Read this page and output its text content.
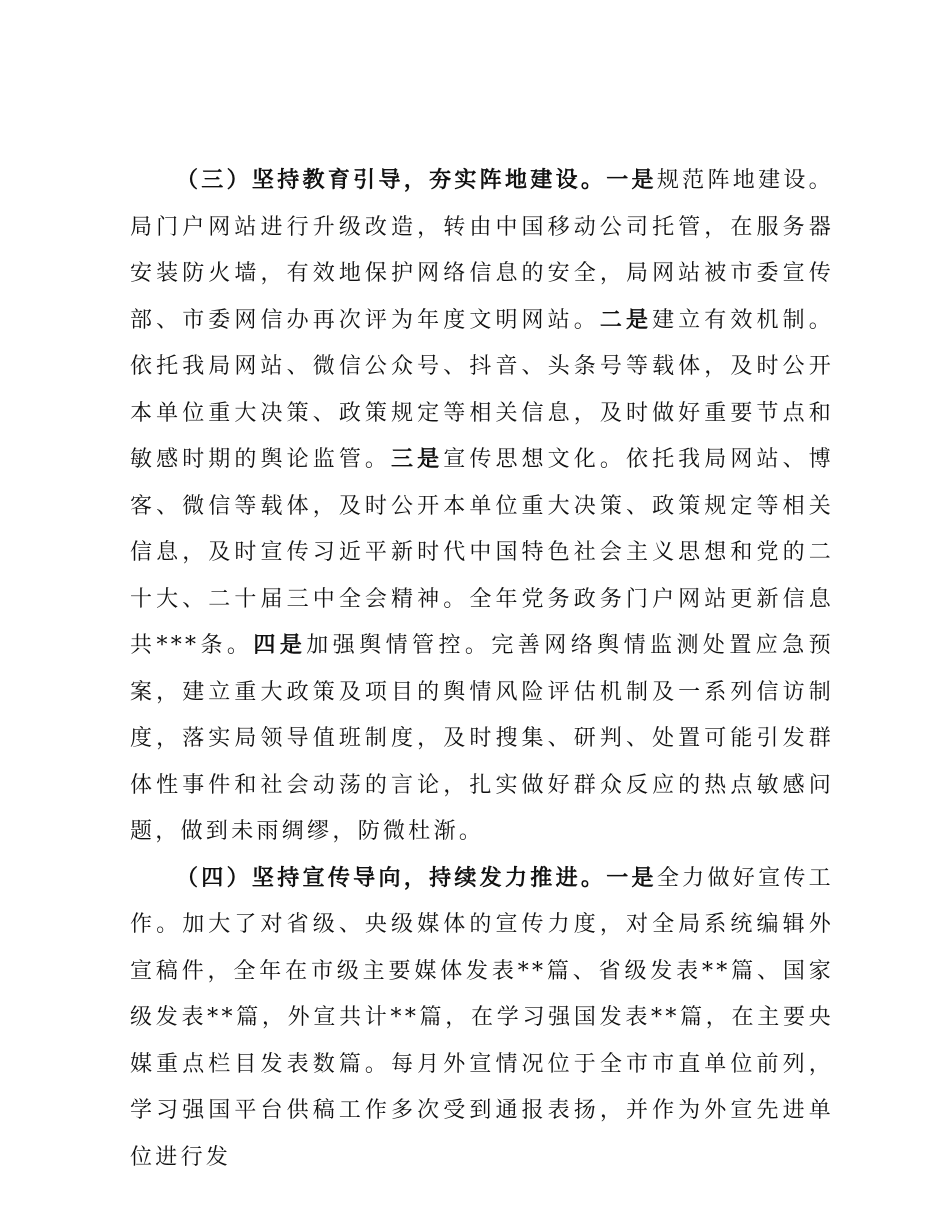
（三）坚持教育引导，夯实阵地建设。一是规范阵地建设。局门户网站进行升级改造，转由中国移动公司托管，在服务器安装防火墙，有效地保护网络信息的安全，局网站被市委宣传部、市委网信办再次评为年度文明网站。二是建立有效机制。依托我局网站、微信公众号、抖音、头条号等载体，及时公开本单位重大决策、政策规定等相关信息，及时做好重要节点和敏感时期的舆论监管。三是宣传思想文化。依托我局网站、博客、微信等载体，及时公开本单位重大决策、政策规定等相关信息，及时宣传习近平新时代中国特色社会主义思想和党的二十大、二十届三中全会精神。全年党务政务门户网站更新信息共***条。四是加强舆情管控。完善网络舆情监测处置应急预案，建立重大政策及项目的舆情风险评估机制及一系列信访制度，落实局领导值班制度，及时搜集、研判、处置可能引发群体性事件和社会动荡的言论，扎实做好群众反应的热点敏感问题，做到未雨绸缪，防微杜渐。

（四）坚持宣传导向，持续发力推进。一是全力做好宣传工作。加大了对省级、央级媒体的宣传力度，对全局系统编辑外宣稿件，全年在市级主要媒体发表**篇、省级发表**篇、国家级发表**篇，外宣共计**篇，在学习强国发表**篇，在主要央媒重点栏目发表数篇。每月外宣情况位于全市市直单位前列，学习强国平台供稿工作多次受到通报表扬，并作为外宣先进单位进行发
